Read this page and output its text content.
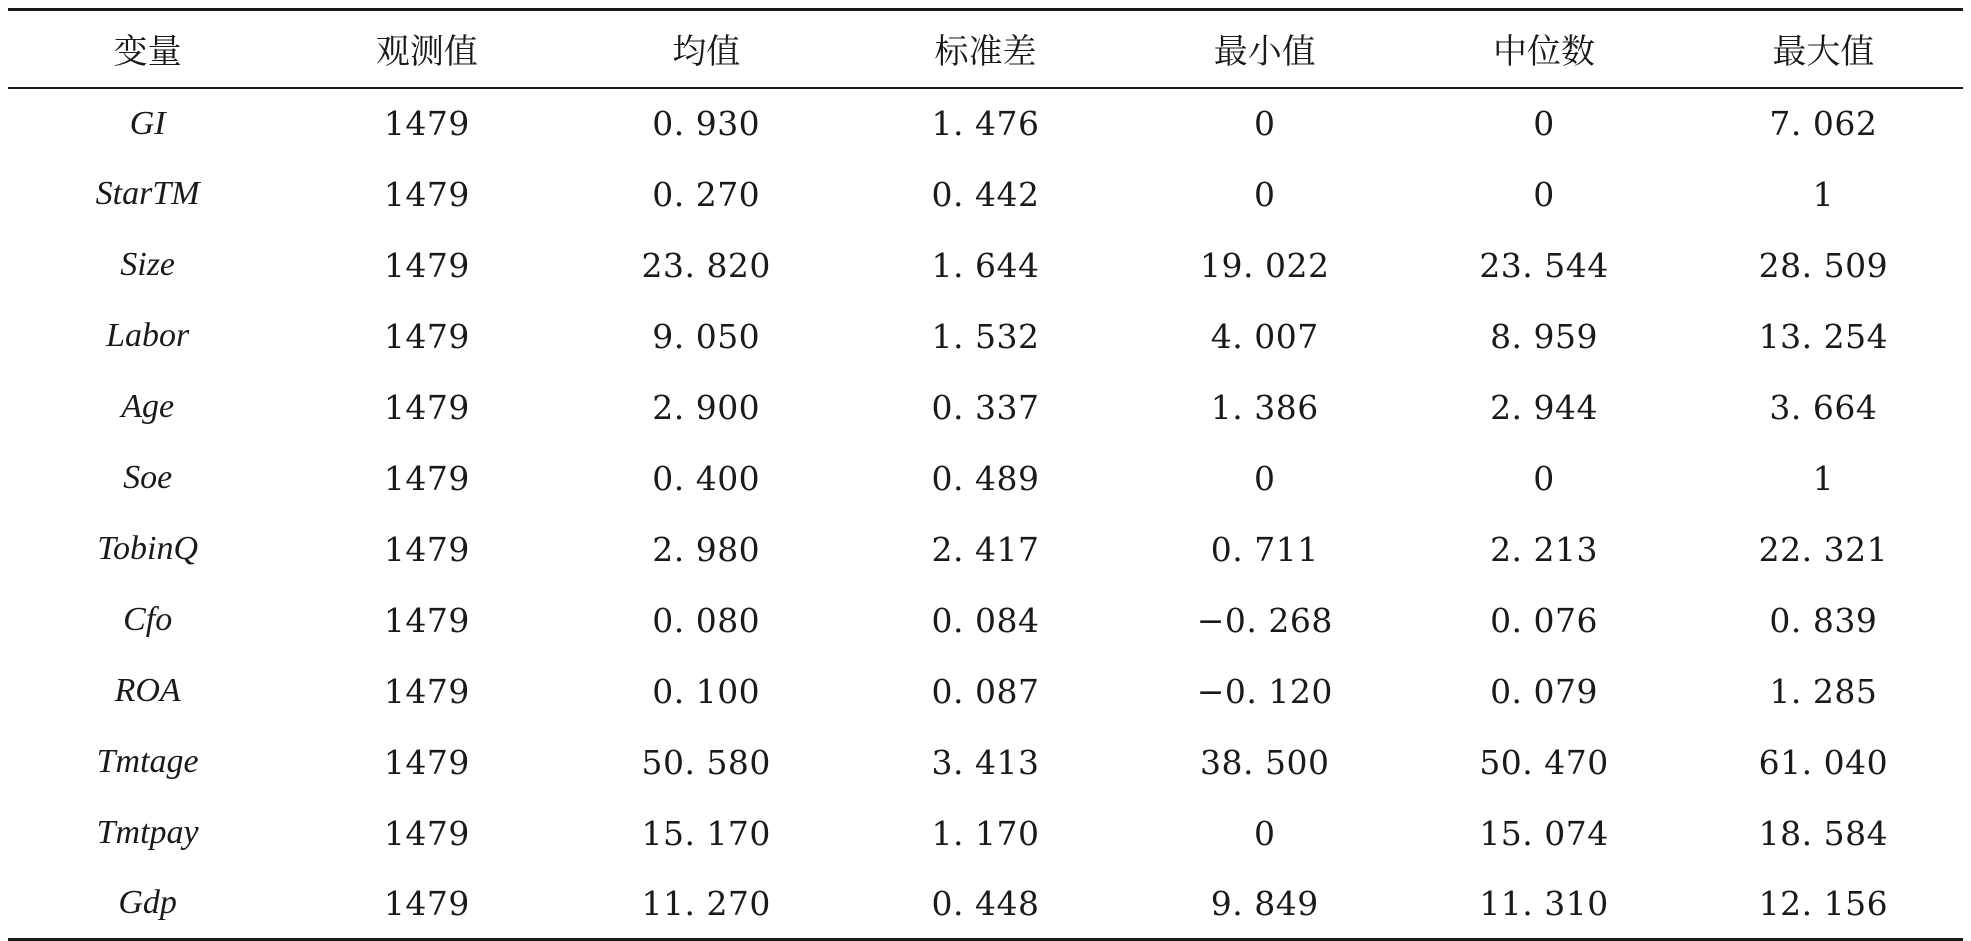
变量	观测值	均值	标准差	最小值	中位数	最大值
GI	1479	0. 930	1. 476	0	0	7. 062
StarTM	1479	0. 270	0. 442	0	0	1
Size	1479	23. 820	1. 644	19. 022	23. 544	28. 509
Labor	1479	9. 050	1. 532	4. 007	8. 959	13. 254
Age	1479	2. 900	0. 337	1. 386	2. 944	3. 664
Soe	1479	0. 400	0. 489	0	0	1
TobinQ	1479	2. 980	2. 417	0. 711	2. 213	22. 321
Cfo	1479	0. 080	0. 084	−0. 268	0. 076	0. 839
ROA	1479	0. 100	0. 087	−0. 120	0. 079	1. 285
Tmtage	1479	50. 580	3. 413	38. 500	50. 470	61. 040
Tmtpay	1479	15. 170	1. 170	0	15. 074	18. 584
Gdp	1479	11. 270	0. 448	9. 849	11. 310	12. 156
